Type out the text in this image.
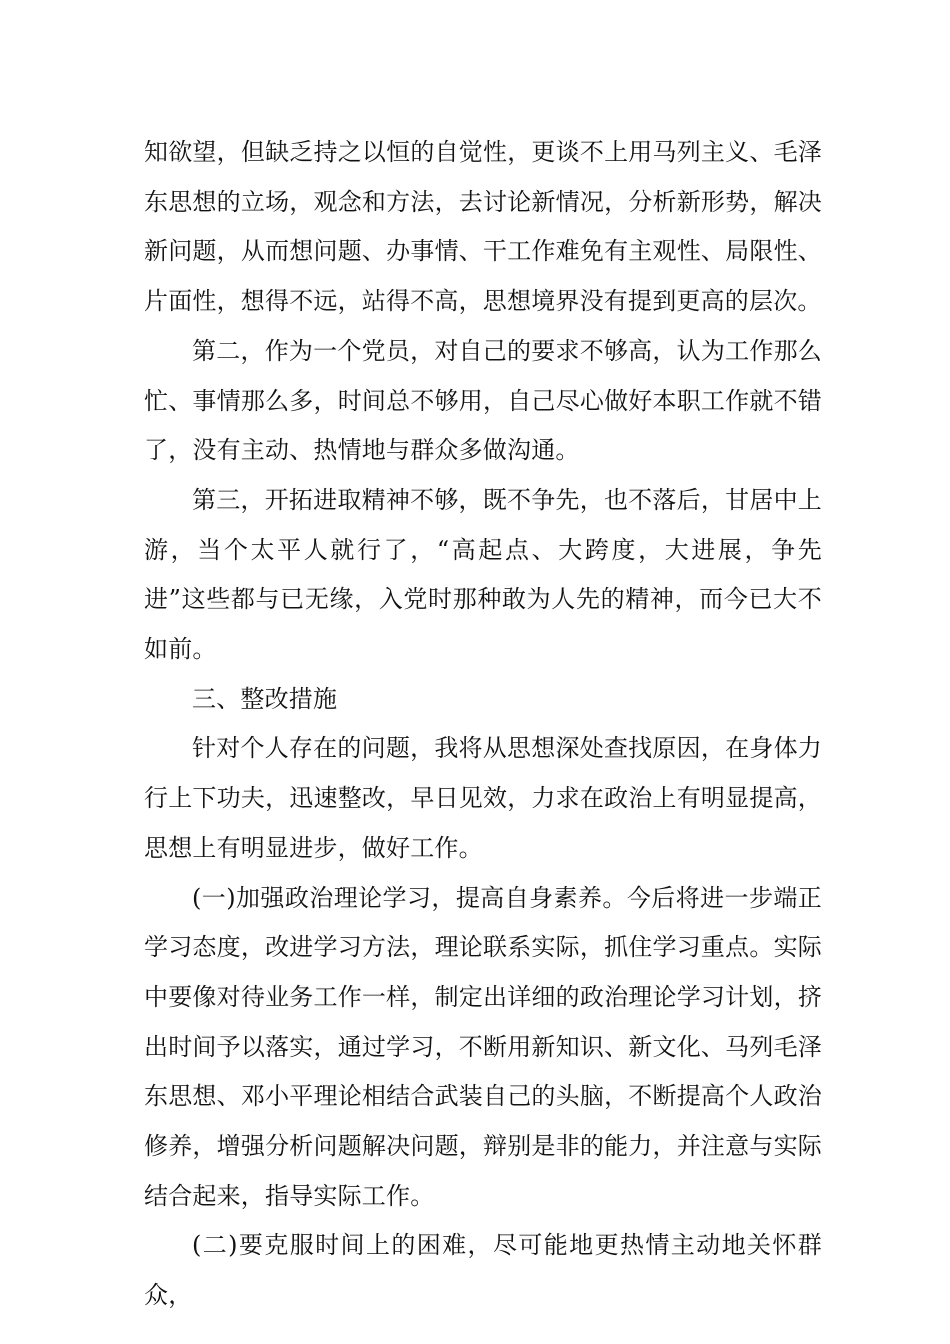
知欲望，但缺乏持之以恒的自觉性，更谈不上用马列主义、毛泽东思想的立场，观念和方法，去讨论新情况，分析新形势，解决新问题，从而想问题、办事情、干工作难免有主观性、局限性、片面性，想得不远，站得不高，思想境界没有提到更高的层次。

第二，作为一个党员，对自己的要求不够高，认为工作那么忙、事情那么多，时间总不够用，自己尽心做好本职工作就不错了，没有主动、热情地与群众多做沟通。

第三，开拓进取精神不够，既不争先，也不落后，甘居中上游，当个太平人就行了，“高起点、大跨度，大进展，争先进”这些都与已无缘，入党时那种敢为人先的精神，而今已大不如前。

三、整改措施

针对个人存在的问题，我将从思想深处查找原因，在身体力行上下功夫，迅速整改，早日见效，力求在政治上有明显提高，思想上有明显进步，做好工作。

(一)加强政治理论学习，提高自身素养。今后将进一步端正学习态度，改进学习方法，理论联系实际，抓住学习重点。实际中要像对待业务工作一样，制定出详细的政治理论学习计划，挤出时间予以落实，通过学习，不断用新知识、新文化、马列毛泽东思想、邓小平理论相结合武装自己的头脑，不断提高个人政治修养，增强分析问题解决问题，辩别是非的能力，并注意与实际结合起来，指导实际工作。

(二)要克服时间上的困难，尽可能地更热情主动地关怀群众，
